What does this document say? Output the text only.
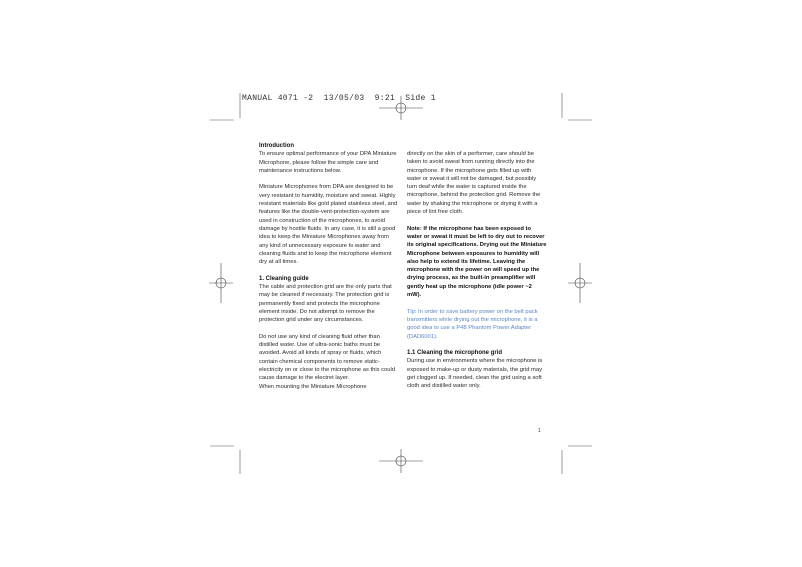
MANUAL 4071 -2  13/05/03  9:21  Side 1
Introduction

To ensure optimal performance of your DPA Miniature Microphone, please follow the simple care and maintenance instructions below.

Miniature Microphones from DPA are designed to be very resistant to humidity, moisture and sweat. Highly resistant materials like gold plated stainless steel, and features like the double-vent-protection-system are used in construction of the microphones, to avoid damage by hostile fluids. In any case, it is still a good idea to keep the Miniature Microphones away from any kind of unnecessary exposure to water and cleaning fluids and to keep the microphone element dry at all times.

1. Cleaning guide

The cable and protection grid are the only parts that may be cleaned if necessary. The protection grid is permanently fixed and protects the microphone element inside. Do not attempt to remove the protection grid under any circumstances.

Do not use any kind of cleaning fluid other than distilled water. Use of ultra-sonic baths must be avoided. Avoid all kinds of spray or fluids, which contain chemical components to remove static-electricity on or close to the microphone as this could cause damage to the electret layer.

When mounting the Miniature Microphone

directly on the skin of a performer, care should be taken to avoid sweat from running directly into the microphone. If the microphone gets filled up with water or sweat it will not be damaged, but possibly turn deaf while the water is captured inside the microphone, behind the protection grid. Remove the water by shaking the microphone or drying it with a piece of lint free cloth.

Note: If the microphone has been exposed to water or sweat it must be left to dry out to recover its original specifications. Drying out the Miniature Microphone between exposures to humidity will also help to extend its lifetime. Leaving the microphone with the power on will speed up the drying process, as the built-in preamplifier will gently heat up the microphone (idle power ~2 mW).

Tip: In order to save battery power on the belt pack transmitters while drying out the microphone, it is a good idea to use a P48 Phantom Power Adapter (DAD6001).

1.1 Cleaning the microphone grid

During use in environments where the microphone is exposed to make-up or dusty materials, the grid may get clogged up. If needed, clean the grid using a soft cloth and distilled water only.

1
